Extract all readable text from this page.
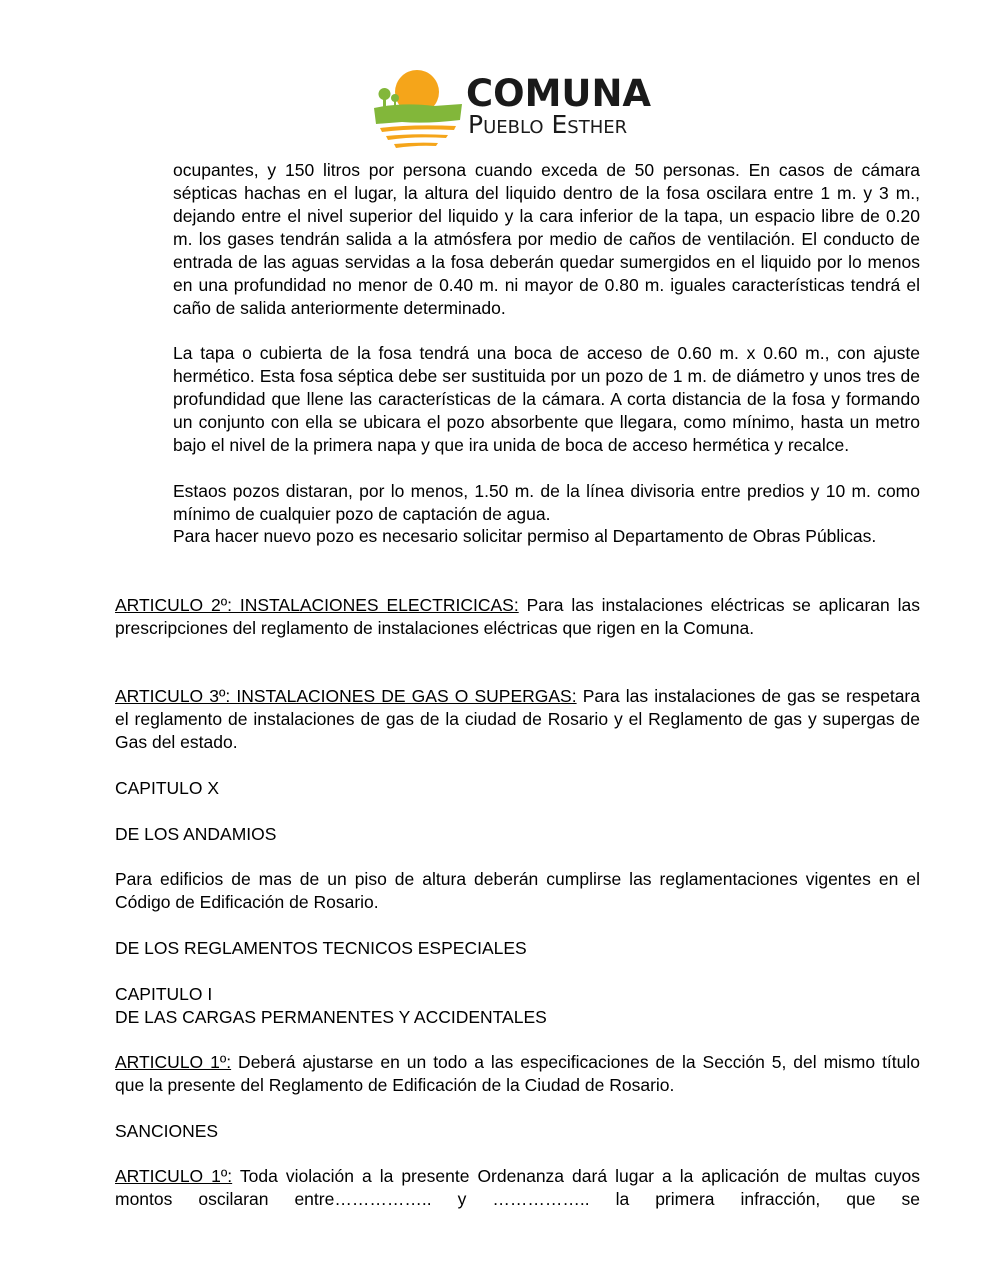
COMUNA
Pueblo Esther

ocupantes, y 150 litros por persona cuando exceda de 50 personas. En casos de cámara sépticas hachas en el lugar, la altura del liquido dentro de la fosa oscilara entre 1 m. y 3 m., dejando entre el nivel superior del liquido y la cara inferior de la tapa, un espacio libre de 0.20 m. los gases tendrán salida a la atmósfera por medio de caños de ventilación. El conducto de entrada de las aguas servidas a la fosa deberán quedar sumergidos en el liquido por lo menos en una profundidad no menor de 0.40 m. ni mayor de 0.80 m. iguales características tendrá el caño de salida anteriormente determinado.

La tapa o cubierta de la fosa tendrá una boca de acceso de 0.60 m. x 0.60 m., con ajuste hermético. Esta fosa séptica debe ser sustituida por un pozo de 1 m. de diámetro y unos tres de profundidad que llene las características de la cámara. A corta distancia de la fosa y formando un conjunto con ella se ubicara el pozo absorbente que llegara, como mínimo, hasta un metro bajo el nivel de la primera napa y que ira unida de boca de acceso hermética y recalce.

Estaos pozos distaran, por lo menos, 1.50 m. de la línea divisoria entre predios y 10 m. como mínimo de cualquier pozo de captación de agua.

Para hacer nuevo pozo es necesario solicitar permiso al Departamento de Obras Públicas.

ARTICULO 2º: INSTALACIONES ELECTRICICAS: Para las instalaciones eléctricas se aplicaran las prescripciones del reglamento de instalaciones eléctricas que rigen en la Comuna.

ARTICULO 3º: INSTALACIONES DE GAS O SUPERGAS: Para las instalaciones de gas se respetara el reglamento de instalaciones de gas de la ciudad de Rosario y el Reglamento de gas y supergas de Gas del estado.

CAPITULO X

DE LOS ANDAMIOS

Para edificios de mas de un piso de altura deberán cumplirse las reglamentaciones vigentes en el Código de Edificación de Rosario.

DE LOS REGLAMENTOS TECNICOS ESPECIALES

CAPITULO I

DE LAS CARGAS PERMANENTES Y ACCIDENTALES

ARTICULO 1º: Deberá ajustarse en un todo a las especificaciones de la Sección 5, del mismo título que la presente del Reglamento de Edificación de la Ciudad de Rosario.

SANCIONES

ARTICULO 1º: Toda violación a la presente Ordenanza dará lugar a la aplicación de multas cuyos montos oscilaran entre…………….. y …………….. la primera infracción, que se
